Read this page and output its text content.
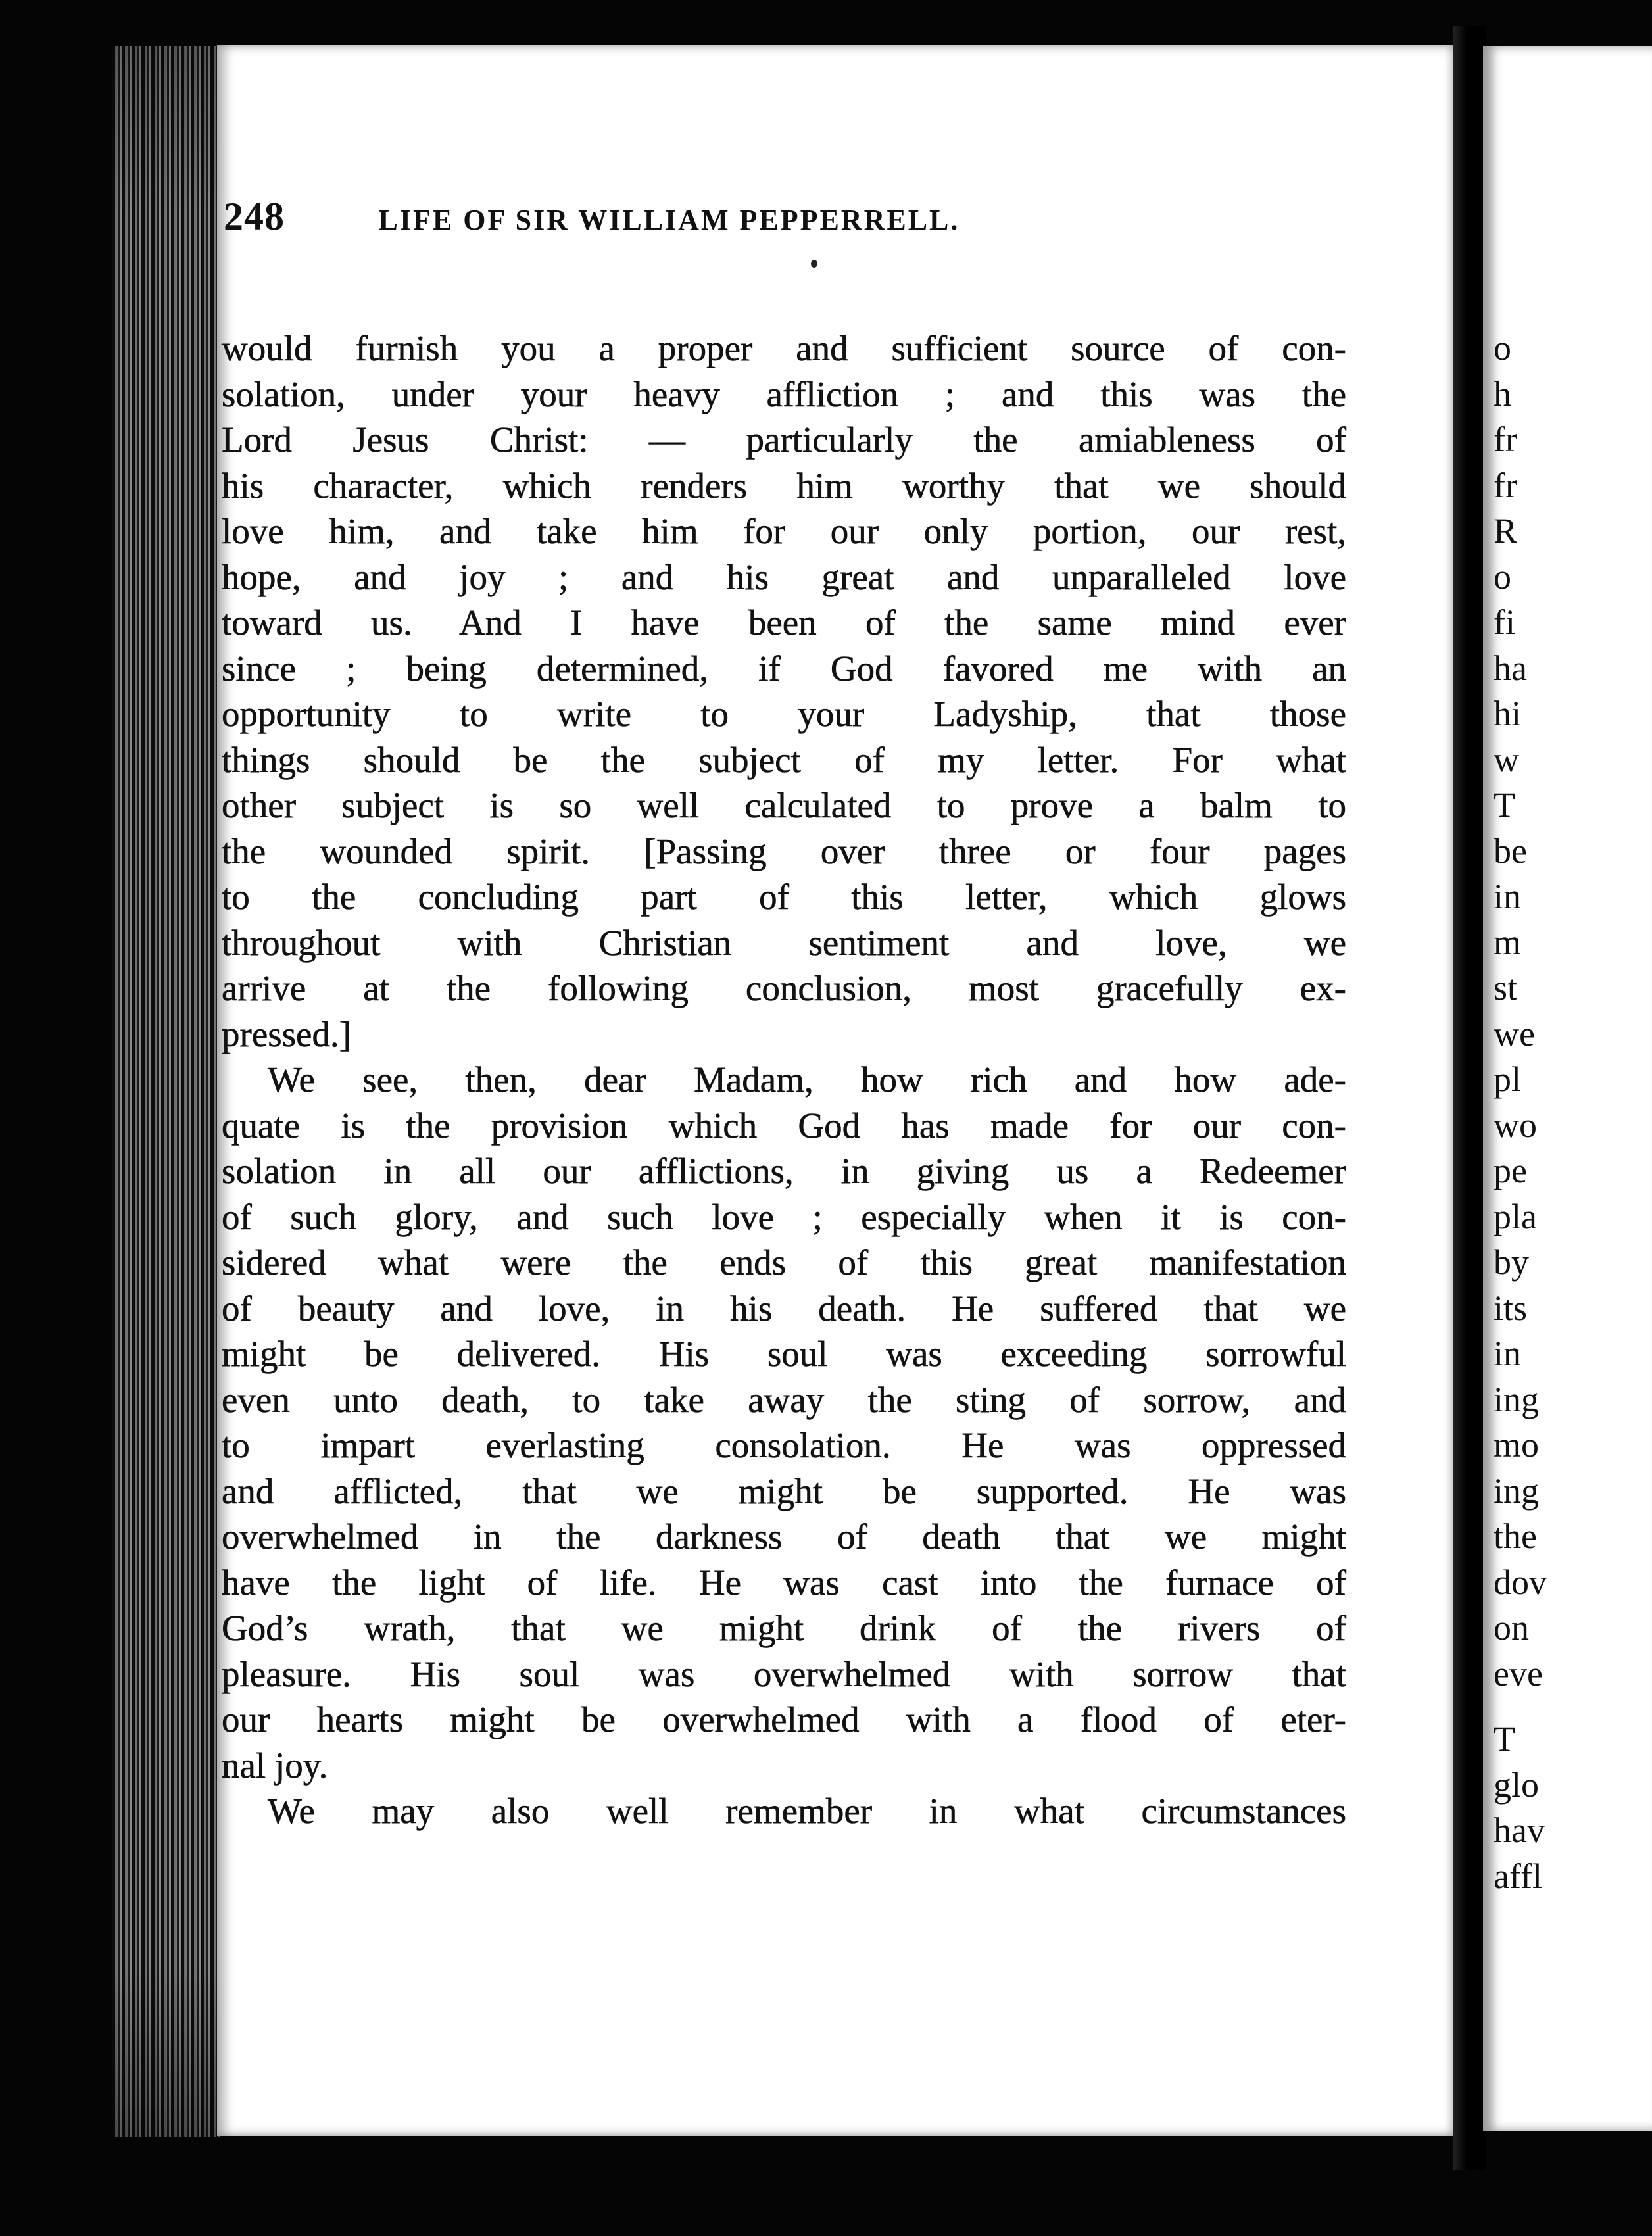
o
h
fr
fr
R
o
fi
ha
hi
w
T
be
in
m
st
we
pl
wo
pe
pla
by
its
in
ing
mo
ing
the
dov
on
eve
T
glo
hav
affl
248	LIFE OF SIR WILLIAM PEPPERRELL.
would furnish you a proper and sufficient source of con-
solation, under your heavy affliction ; and this was the
Lord Jesus Christ: — particularly the amiableness of
his character, which renders him worthy that we should
love him, and take him for our only portion, our rest,
hope, and joy ; and his great and unparalleled love
toward us. And I have been of the same mind ever
since ; being determined, if God favored me with an
opportunity to write to your Ladyship, that those
things should be the subject of my letter. For what
other subject is so well calculated to prove a balm to
the wounded spirit. [Passing over three or four pages
to the concluding part of this letter, which glows
throughout with Christian sentiment and love, we
arrive at the following conclusion, most gracefully ex-
pressed.]
We see, then, dear Madam, how rich and how ade-
quate is the provision which God has made for our con-
solation in all our afflictions, in giving us a Redeemer
of such glory, and such love ; especially when it is con-
sidered what were the ends of this great manifestation
of beauty and love, in his death. He suffered that we
might be delivered. His soul was exceeding sorrowful
even unto death, to take away the sting of sorrow, and
to impart everlasting consolation. He was oppressed
and afflicted, that we might be supported. He was
overwhelmed in the darkness of death that we might
have the light of life. He was cast into the furnace of
God’s wrath, that we might drink of the rivers of
pleasure. His soul was overwhelmed with sorrow that
our hearts might be overwhelmed with a flood of eter-
nal joy.
We may also well remember in what circumstances
